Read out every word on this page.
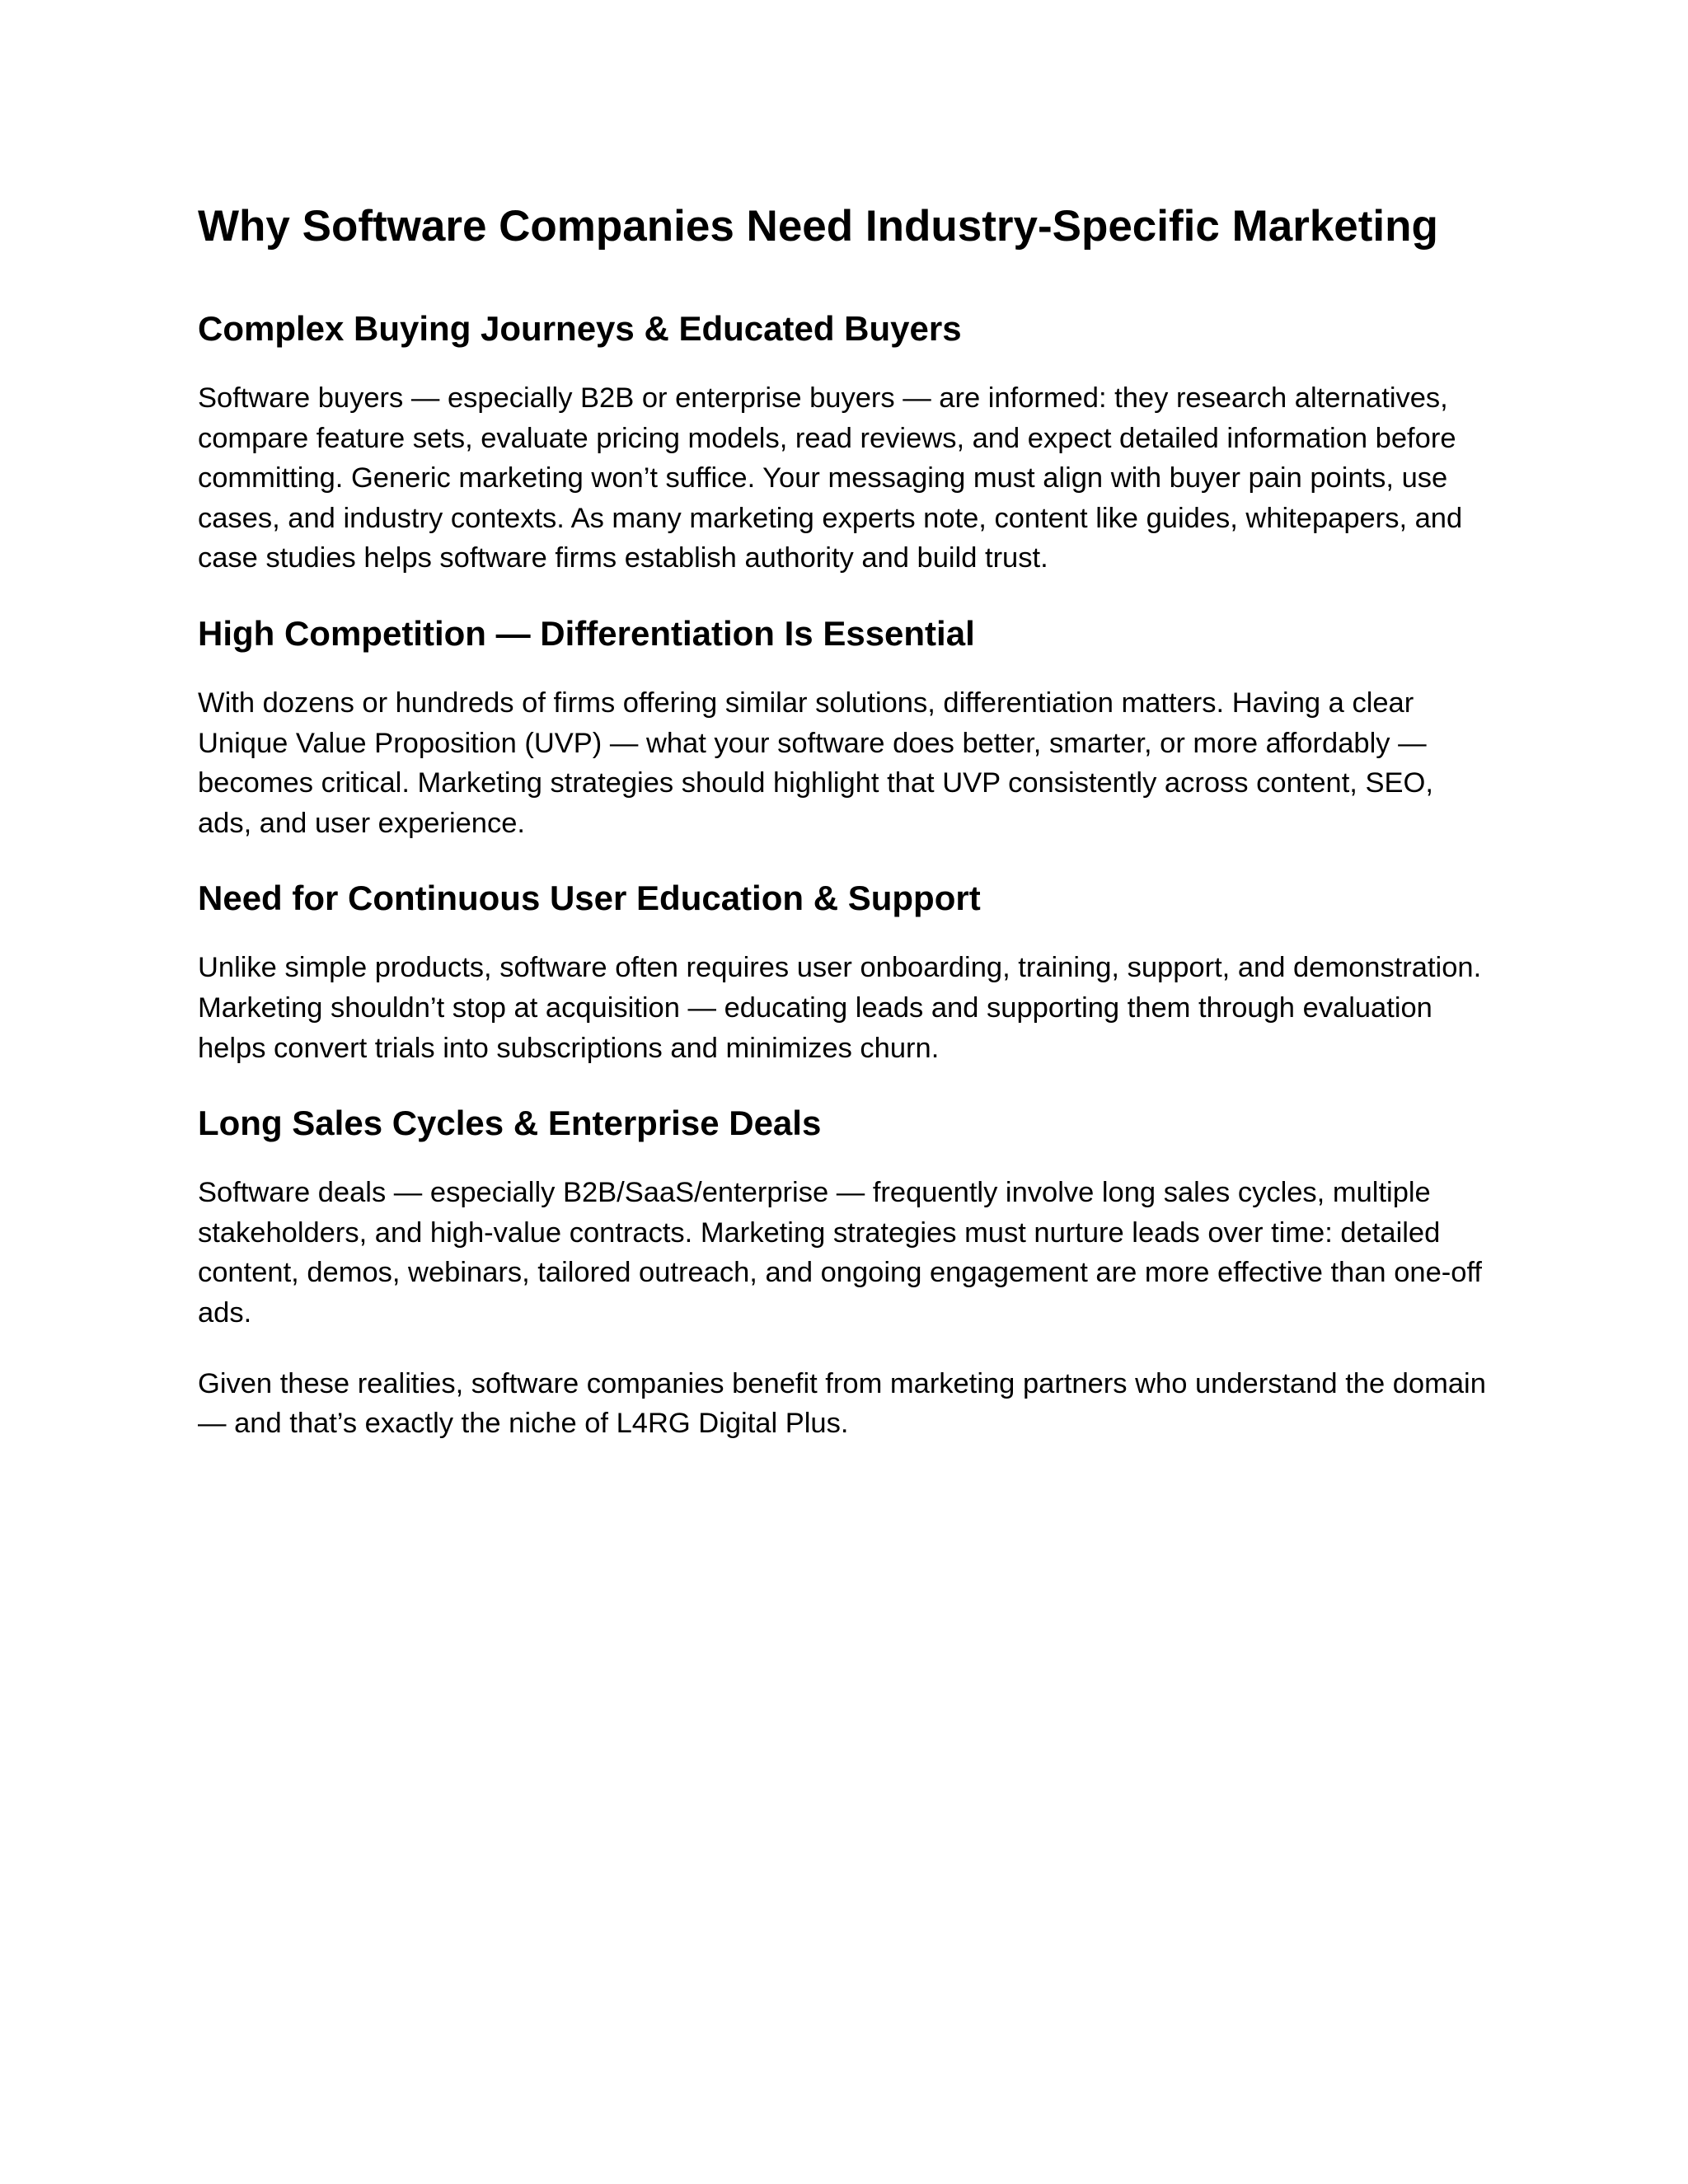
Why Software Companies Need Industry‑Specific Marketing
Complex Buying Journeys & Educated Buyers

Software buyers — especially B2B or enterprise buyers — are informed: they research alternatives, compare feature sets, evaluate pricing models, read reviews, and expect detailed information before committing. Generic marketing won’t suffice. Your messaging must align with buyer pain points, use cases, and industry contexts. As many marketing experts note, content like guides, whitepapers, and case studies helps software firms establish authority and build trust.

High Competition — Differentiation Is Essential

With dozens or hundreds of firms offering similar solutions, differentiation matters. Having a clear Unique Value Proposition (UVP) — what your software does better, smarter, or more affordably — becomes critical. Marketing strategies should highlight that UVP consistently across content, SEO, ads, and user experience.

Need for Continuous User Education & Support

Unlike simple products, software often requires user onboarding, training, support, and demonstration. Marketing shouldn’t stop at acquisition — educating leads and supporting them through evaluation helps convert trials into subscriptions and minimizes churn.

Long Sales Cycles & Enterprise Deals

Software deals — especially B2B/SaaS/enterprise — frequently involve long sales cycles, multiple stakeholders, and high-value contracts. Marketing strategies must nurture leads over time: detailed content, demos, webinars, tailored outreach, and ongoing engagement are more effective than one-off ads.

Given these realities, software companies benefit from marketing partners who understand the domain — and that’s exactly the niche of L4RG Digital Plus.
